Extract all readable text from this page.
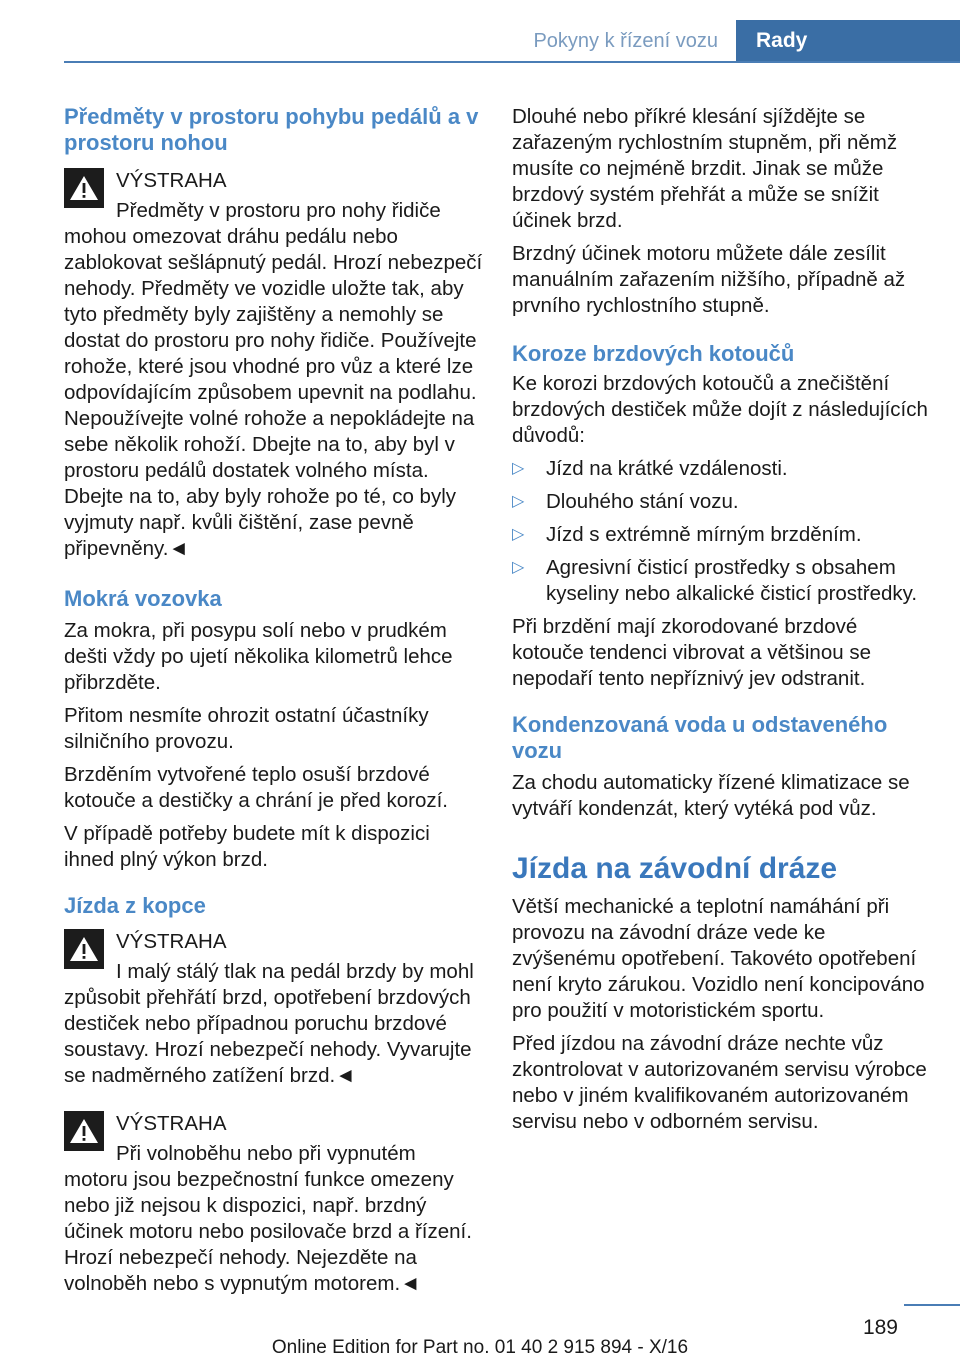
Pokyny k řízení vozu	Rady
Předměty v prostoru pohybu pedálů a v prostoru nohou

VÝSTRAHA

Předměty v prostoru pro nohy řidiče mohou omezovat dráhu pedálu nebo zablokovat sešlápnutý pedál. Hrozí nebezpečí nehody. Předměty ve vozidle uložte tak, aby tyto předměty byly zajištěny a nemohly se dostat do prostoru pro nohy řidiče. Používejte rohože, které jsou vhodné pro vůz a které lze odpovídajícím způsobem upevnit na podlahu. Nepoužívejte volné rohože a nepokládejte na sebe několik rohoží. Dbejte na to, aby byl v prostoru pedálů dostatek volného místa. Dbejte na to, aby byly rohože po té, co byly vyjmuty např. kvůli čištění, zase pevně připevněny.◄

Mokrá vozovka

Za mokra, při posypu solí nebo v prudkém dešti vždy po ujetí několika kilometrů lehce přibrzděte.

Přitom nesmíte ohrozit ostatní účastníky silničního provozu.

Brzděním vytvořené teplo osuší brzdové kotouče a destičky a chrání je před korozí.

V případě potřeby budete mít k dispozici ihned plný výkon brzd.

Jízda z kopce

VÝSTRAHA

I malý stálý tlak na pedál brzdy by mohl způsobit přehřátí brzd, opotřebení brzdových destiček nebo případnou poruchu brzdové soustavy. Hrozí nebezpečí nehody. Vyvarujte se nadměrného zatížení brzd.◄

VÝSTRAHA

Při volnoběhu nebo při vypnutém motoru jsou bezpečnostní funkce omezeny nebo již nejsou k dispozici, např. brzdný účinek motoru nebo posilovače brzd a řízení. Hrozí nebezpečí nehody. Nejezděte na volnoběh nebo s vypnutým motorem.◄

Dlouhé nebo příkré klesání sjíždějte se zařazeným rychlostním stupněm, při němž musíte co nejméně brzdit. Jinak se může brzdový systém přehřát a může se snížit účinek brzd.

Brzdný účinek motoru můžete dále zesílit manuálním zařazením nižšího, případně až prvního rychlostního stupně.

Koroze brzdových kotoučů

Ke korozi brzdových kotoučů a znečištění brzdových destiček může dojít z následujících důvodů:

▷ Jízd na krátké vzdálenosti.
▷ Dlouhého stání vozu.
▷ Jízd s extrémně mírným brzděním.
▷ Agresivní čisticí prostředky s obsahem kyseliny nebo alkalické čisticí prostředky.

Při brzdění mají zkorodované brzdové kotouče tendenci vibrovat a většinou se nepodaří tento nepříznivý jev odstranit.

Kondenzovaná voda u odstaveného vozu

Za chodu automaticky řízené klimatizace se vytváří kondenzát, který vytéká pod vůz.

Jízda na závodní dráze

Větší mechanické a teplotní namáhání při provozu na závodní dráze vede ke zvýšenému opotřebení. Takovéto opotřebení není kryto zárukou. Vozidlo není koncipováno pro použití v motoristickém sportu.

Před jízdou na závodní dráze nechte vůz zkontrolovat v autorizovaném servisu výrobce nebo v jiném kvalifikovaném autorizovaném servisu nebo v odborném servisu.

189
Online Edition for Part no. 01 40 2 915 894 - X/16
